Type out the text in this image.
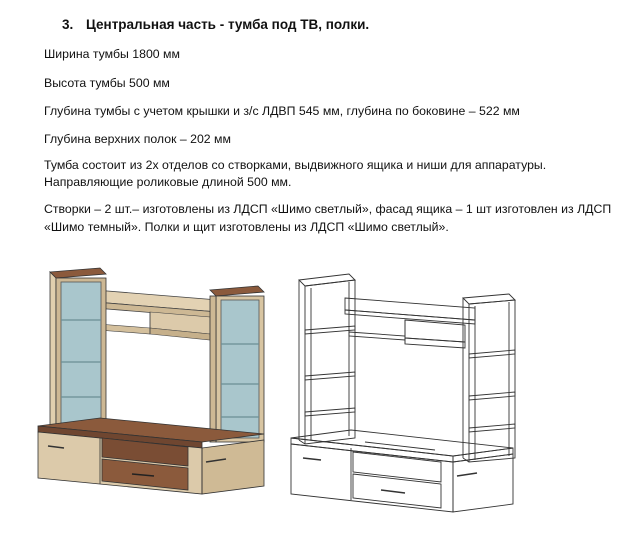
3. Центральная часть - тумба под ТВ, полки.
Ширина тумбы 1800 мм
Высота тумбы 500 мм
Глубина тумбы с учетом крышки и з/с ЛДВП 545 мм, глубина по боковине – 522 мм
Глубина верхних полок – 202 мм
Тумба состоит из 2х отделов со створками, выдвижного ящика и ниши для аппаратуры.
Направляющие роликовые длиной 500 мм.
Створки – 2 шт.– изготовлены из ЛДСП «Шимо светлый», фасад ящика – 1 шт изготовлен из ЛДСП
«Шимо темный». Полки и щит изготовлены из ЛДСП «Шимо светлый».
